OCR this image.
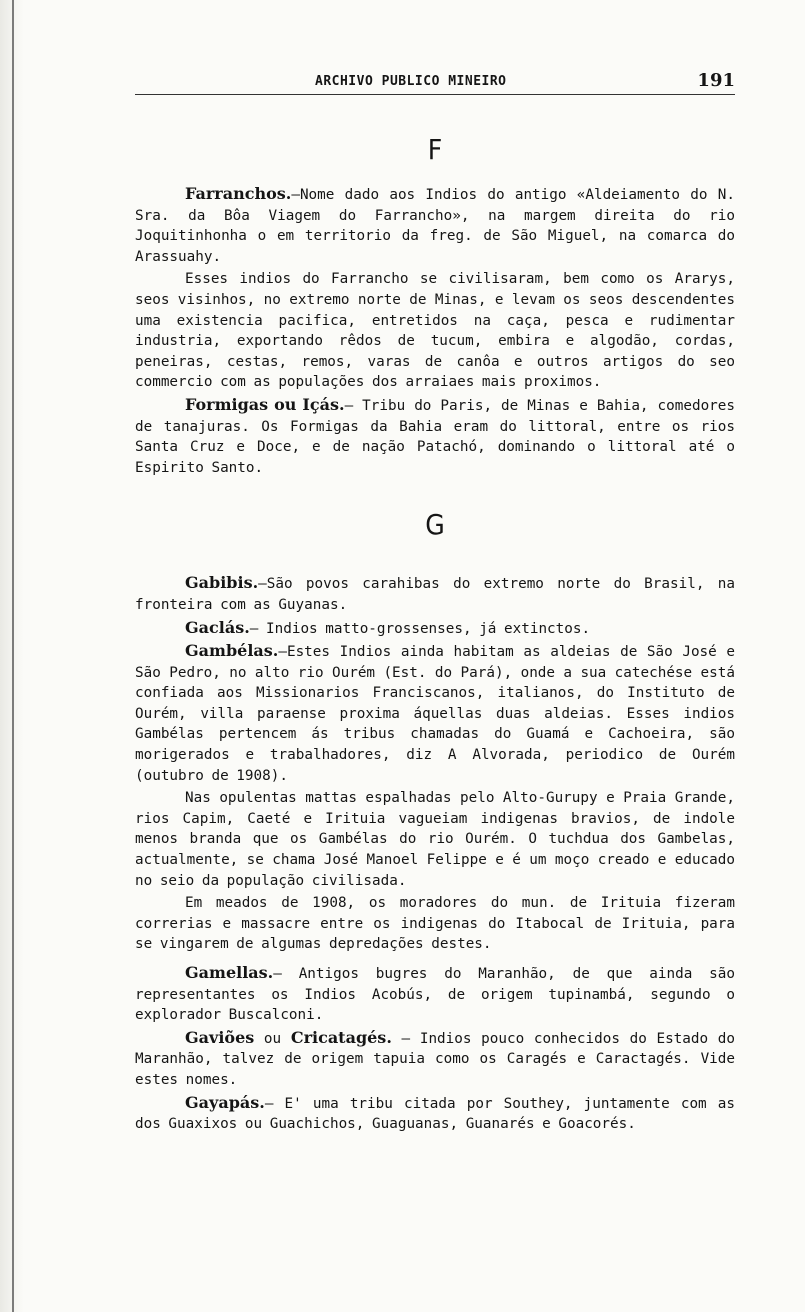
ARCHIVO PUBLICO MINEIRO	191
F

Farranchos.—Nome dado aos Indios do antigo «Aldeiamento do N. Sra. da Bôa Viagem do Farrancho», na margem direita do rio Joquitinhonha o em territorio da freg. de São Miguel, na comarca do Arassuahy.

Esses indios do Farrancho se civilisaram, bem como os Ararys, seos visinhos, no extremo norte de Minas, e levam os seos descendentes uma existencia pacifica, entretidos na caça, pesca e rudimentar industria, exportando rêdos de tucum, embira e algodão, cordas, peneiras, cestas, remos, varas de canôa e outros artigos do seo commercio com as populações dos arraiaes mais proximos.

Formigas ou Içás.— Tribu do Paris, de Minas e Bahia, comedores de tanajuras. Os Formigas da Bahia eram do littoral, entre os rios Santa Cruz e Doce, e de nação Patachó, dominando o littoral até o Espirito Santo.

G

Gabibis.—São povos carahibas do extremo norte do Brasil, na fronteira com as Guyanas.

Gaclás.— Indios matto-grossenses, já extinctos.

Gambélas.—Estes Indios ainda habitam as aldeias de São José e São Pedro, no alto rio Ourém (Est. do Pará), onde a sua catechése está confiada aos Missionarios Franciscanos, italianos, do Instituto de Ourém, villa paraense proxima áquellas duas aldeias. Esses indios Gambélas pertencem ás tribus chamadas do Guamá e Cachoeira, são morigerados e trabalhadores, diz A Alvorada, periodico de Ourém (outubro de 1908).

Nas opulentas mattas espalhadas pelo Alto-Gurupy e Praia Grande, rios Capim, Caeté e Irituia vagueiam indigenas bravios, de indole menos branda que os Gambélas do rio Ourém. O tuchdua dos Gambelas, actualmente, se chama José Manoel Felippe e é um moço creado e educado no seio da população civilisada.

Em meados de 1908, os moradores do mun. de Irituia fizeram correrias e massacre entre os indigenas do Itabocal de Irituia, para se vingarem de algumas depredações destes.

Gamellas.— Antigos bugres do Maranhão, de que ainda são representantes os Indios Acobús, de origem tupinambá, segundo o explorador Buscalconi.

Gaviões ou Cricatagés. — Indios pouco conhecidos do Estado do Maranhão, talvez de origem tapuia como os Caragés e Caractagés. Vide estes nomes.

Gayapás.— E' uma tribu citada por Southey, juntamente com as dos Guaxixos ou Guachichos, Guaguanas, Guanarés e Goacorés.
